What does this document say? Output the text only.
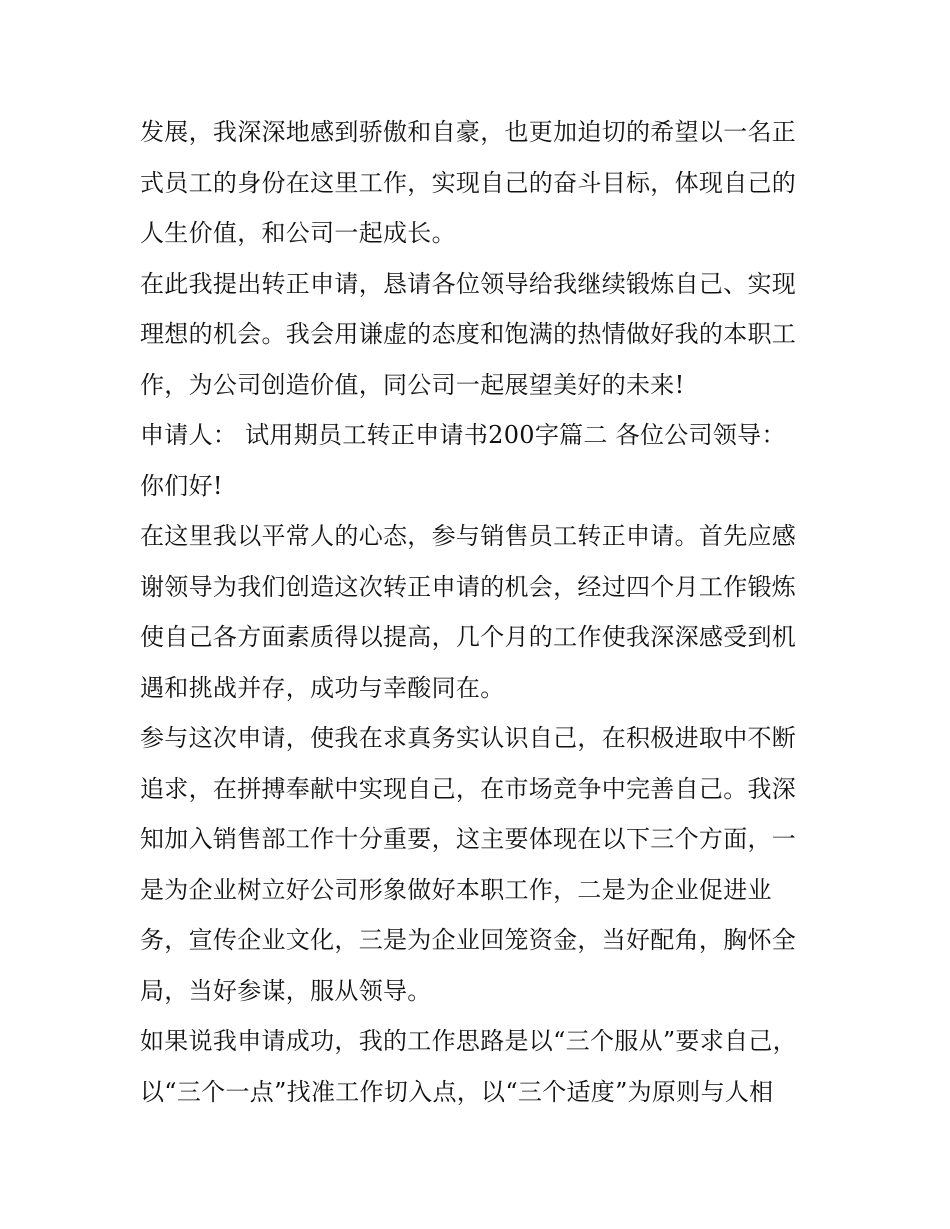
发展，我深深地感到骄傲和自豪，也更加迫切的希望以一名正
式员工的身份在这里工作，实现自己的奋斗目标，体现自己的
人生价值，和公司一起成长。
在此我提出转正申请，恳请各位领导给我继续锻炼自己、实现
理想的机会。我会用谦虚的态度和饱满的热情做好我的本职工
作，为公司创造价值，同公司一起展望美好的未来!
申请人： 试用期员工转正申请书200字篇二 各位公司领导：
你们好!
在这里我以平常人的心态，参与销售员工转正申请。首先应感
谢领导为我们创造这次转正申请的机会，经过四个月工作锻炼
使自己各方面素质得以提高，几个月的工作使我深深感受到机
遇和挑战并存，成功与幸酸同在。
参与这次申请，使我在求真务实认识自己，在积极进取中不断
追求，在拼搏奉献中实现自己，在市场竞争中完善自己。我深
知加入销售部工作十分重要，这主要体现在以下三个方面，一
是为企业树立好公司形象做好本职工作，二是为企业促进业
务，宣传企业文化，三是为企业回笼资金，当好配角，胸怀全
局，当好参谋，服从领导。
如果说我申请成功，我的工作思路是以“三个服从”要求自己，
以“三个一点”找准工作切入点，以“三个适度”为原则与人相
